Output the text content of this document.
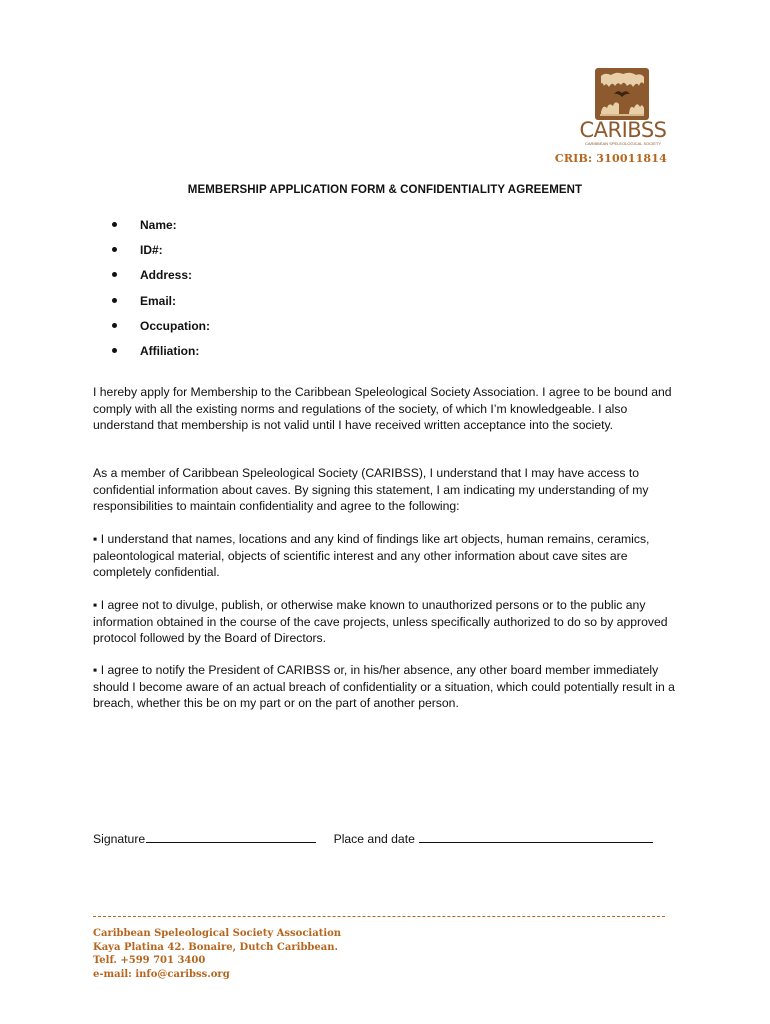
CARIBSS
CARIBBEAN SPELEOLOGICAL SOCIETY
CRIB: 310011814
MEMBERSHIP APPLICATION FORM & CONFIDENTIALITY AGREEMENT
Name:
ID#:
Address:
Email:
Occupation:
Affiliation:

I hereby apply for Membership to the Caribbean Speleological Society Association. I agree to be bound and comply with all the existing norms and regulations of the society, of which I’m knowledgeable. I also understand that membership is not valid until I have received written acceptance into the society.

As a member of Caribbean Speleological Society (CARIBSS), I understand that I may have access to confidential information about caves. By signing this statement, I am indicating my understanding of my responsibilities to maintain confidentiality and agree to the following:

▪ I understand that names, locations and any kind of findings like art objects, human remains, ceramics, paleontological material, objects of scientific interest and any other information about cave sites are completely confidential.

▪ I agree not to divulge, publish, or otherwise make known to unauthorized persons or to the public any information obtained in the course of the cave projects, unless specifically authorized to do so by approved protocol followed by the Board of Directors.

▪ I agree to notify the President of CARIBSS or, in his/her absence, any other board member immediately should I become aware of an actual breach of confidentiality or a situation, which could potentially result in a breach, whether this be on my part or on the part of another person.

Signature	Place and date
Caribbean Speleological Society Association
Kaya Platina 42. Bonaire, Dutch Caribbean.
Telf. +599 701 3400
e-mail: info@caribss.org
